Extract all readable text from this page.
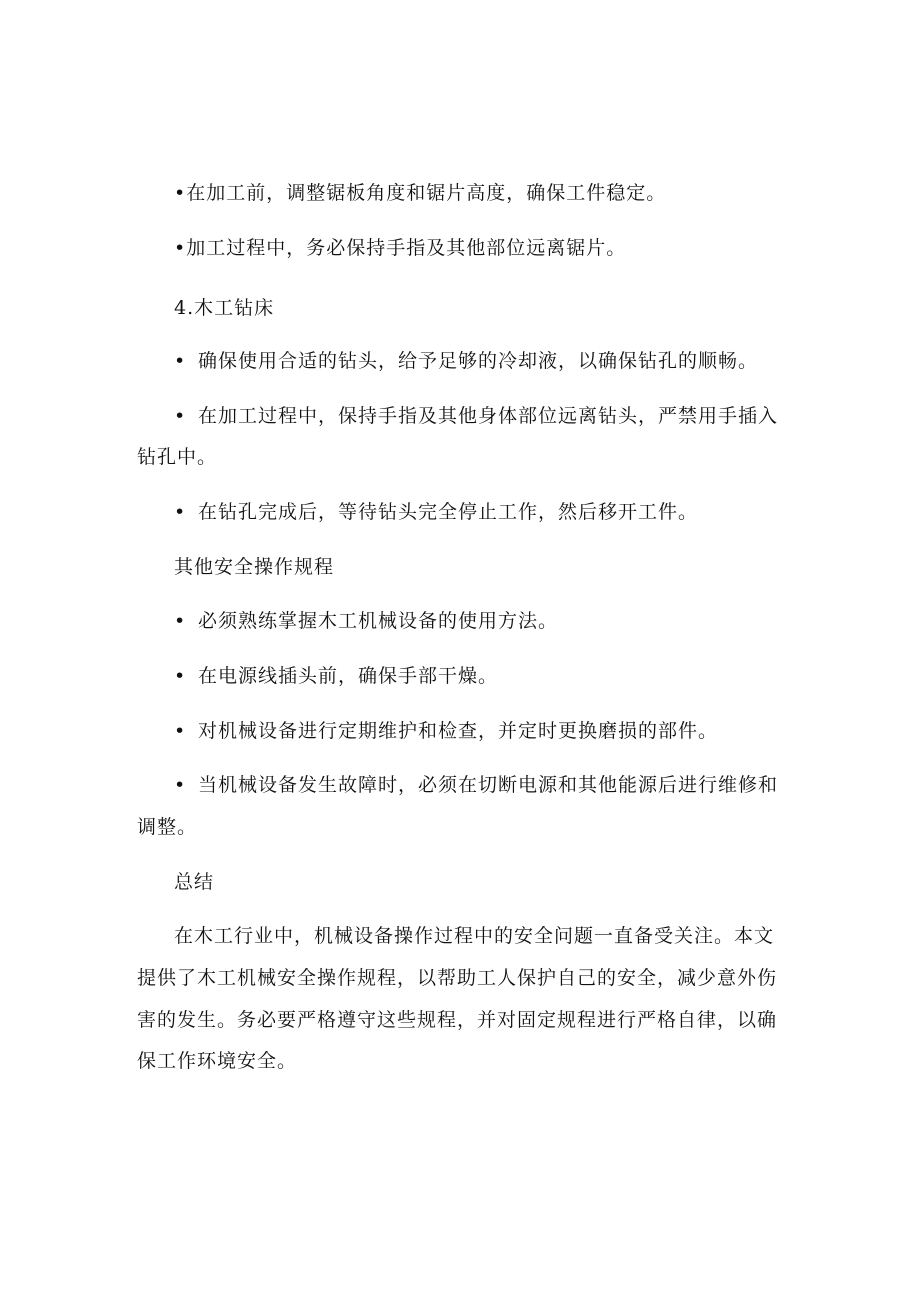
•在加工前，调整锯板角度和锯片高度，确保工件稳定。
•加工过程中，务必保持手指及其他部位远离锯片。
4.木工钻床
• 确保使用合适的钻头，给予足够的冷却液，以确保钻孔的顺畅。
• 在加工过程中，保持手指及其他身体部位远离钻头，严禁用手插入
钻孔中。
• 在钻孔完成后，等待钻头完全停止工作，然后移开工件。
其他安全操作规程
• 必须熟练掌握木工机械设备的使用方法。
• 在电源线插头前，确保手部干燥。
• 对机械设备进行定期维护和检查，并定时更换磨损的部件。
• 当机械设备发生故障时，必须在切断电源和其他能源后进行维修和
调整。
总结
在木工行业中，机械设备操作过程中的安全问题一直备受关注。本文
提供了木工机械安全操作规程，以帮助工人保护自己的安全，减少意外伤
害的发生。务必要严格遵守这些规程，并对固定规程进行严格自律，以确
保工作环境安全。
